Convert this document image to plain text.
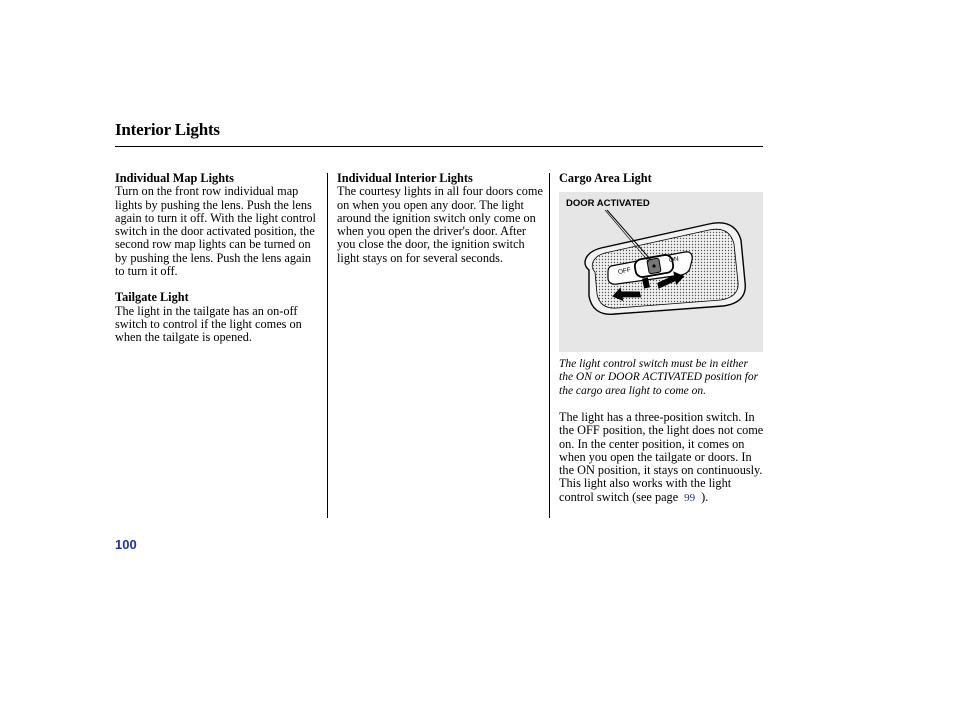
Interior Lights
Individual Map Lights

Turn on the front row individual map lights by pushing the lens. Push the lens again to turn it off. With the light control switch in the door activated position, the second row map lights can be turned on by pushing the lens. Push the lens again to turn it off.

Tailgate Light

The light in the tailgate has an on-off switch to control if the light comes on when the tailgate is opened.

Individual Interior Lights

The courtesy lights in all four doors come on when you open any door. The light around the ignition switch only come on when you open the driver's door. After you close the door, the ignition switch light stays on for several seconds.

Cargo Area Light
OFF
ON
DOOR ACTIVATED
The light control switch must be in either the ON or DOOR ACTIVATED position for the cargo area light to come on.

The light has a three-position switch. In the OFF position, the light does not come on. In the center position, it comes on when you open the tailgate or doors. In the ON position, it stays on continuously.

This light also works with the light control switch (see page 99 ).

100
